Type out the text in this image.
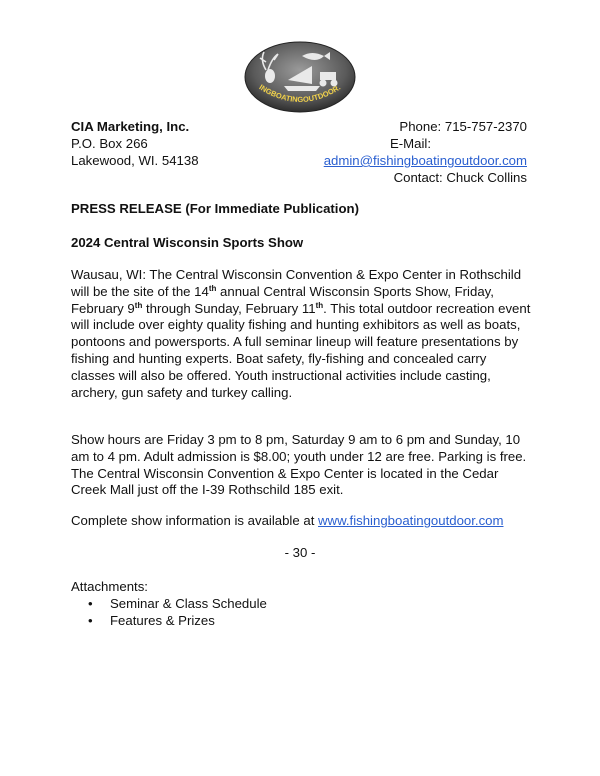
INGBOATINGOUTDOOR.
CIA Marketing, Inc.
P.O. Box 266
Lakewood, WI. 54138
Phone: 715-757-2370
E-Mail:
admin@fishingboatingoutdoor.com
Contact: Chuck Collins
PRESS RELEASE (For Immediate Publication)
2024 Central Wisconsin Sports Show
Wausau, WI: The Central Wisconsin Convention & Expo Center in Rothschild will be the site of the 14th annual Central Wisconsin Sports Show, Friday, February 9th through Sunday, February 11th. This total outdoor recreation event will include over eighty quality fishing and hunting exhibitors as well as boats, pontoons and powersports. A full seminar lineup will feature presentations by fishing and hunting experts. Boat safety, fly-fishing and concealed carry classes will also be offered. Youth instructional activities include casting, archery, gun safety and turkey calling.
Show hours are Friday 3 pm to 8 pm, Saturday 9 am to 6 pm and Sunday, 10 am to 4 pm. Adult admission is $8.00; youth under 12 are free. Parking is free. The Central Wisconsin Convention & Expo Center is located in the Cedar Creek Mall just off the I-39 Rothschild 185 exit.
Complete show information is available at www.fishingboatingoutdoor.com
- 30 -
Attachments:
• Seminar & Class Schedule
• Features & Prizes
